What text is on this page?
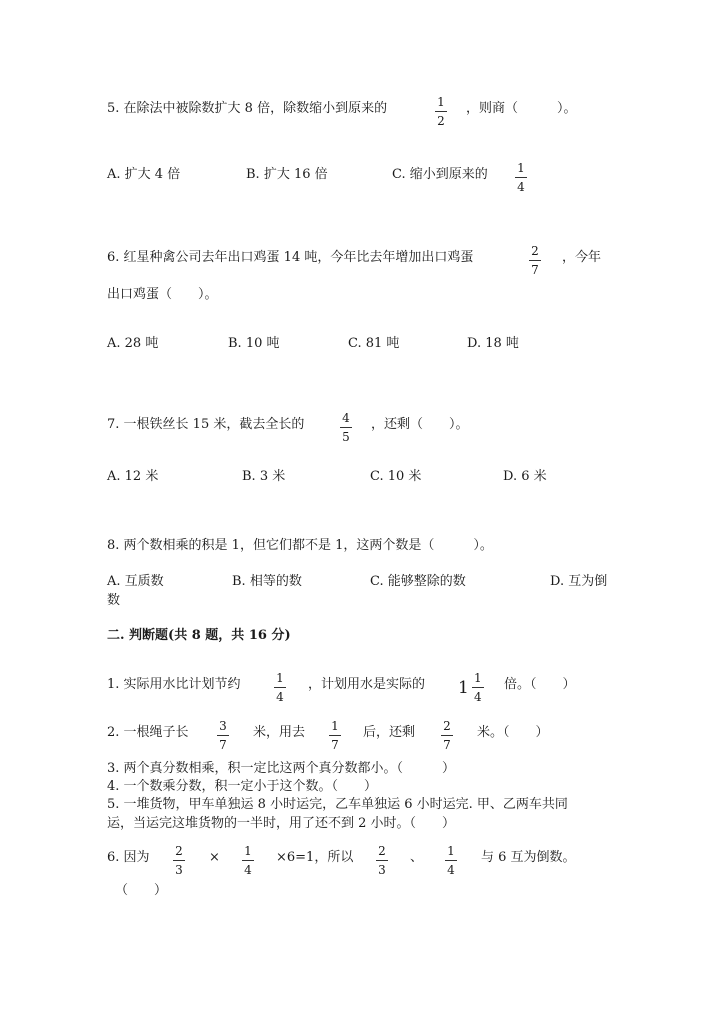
5. 在除法中被除数扩大 8 倍，除数缩小到原来的	1
2
，则商（　　　）。
A. 扩大 4 倍	B. 扩大 16 倍	C. 缩小到原来的 1
4
6. 红星种禽公司去年出口鸡蛋 14 吨，今年比去年增加出口鸡蛋	2
7
，今年
出口鸡蛋（　　）。
A. 28 吨	B. 10 吨	C. 81 吨	D. 18 吨
7. 一根铁丝长 15 米，截去全长的	4
5
，还剩（　　）。
A. 12 米	B. 3 米	C. 10 米	D. 6 米
8. 两个数相乘的积是 1，但它们都不是 1，这两个数是（　　　）。
A. 互质数	B. 相等的数	C. 能够整除的数	D. 互为倒
数
二. 判断题(共 8 题，共 16 分)
1. 实际用水比计划节约	1
4
，计划用水是实际的 $1 \frac{1}{4}$ 倍。（　　）
2. 一根绳子长	3
7
米，用去 1
7
后，还剩 2
7
米。（　　）
3. 两个真分数相乘，积一定比这两个真分数都小。（　　　）
4. 一个数乘分数，积一定小于这个数。（　　）
5. 一堆货物，甲车单独运 8 小时运完，乙车单独运 6 小时运完. 甲、乙两车共同
运，当运完这堆货物的一半时，用了还不到 2 小时。（　　）
6. 因为 2
3
× 1
4
×6=1，所以 2
3
、 1
4
与 6 互为倒数。
（　　）
